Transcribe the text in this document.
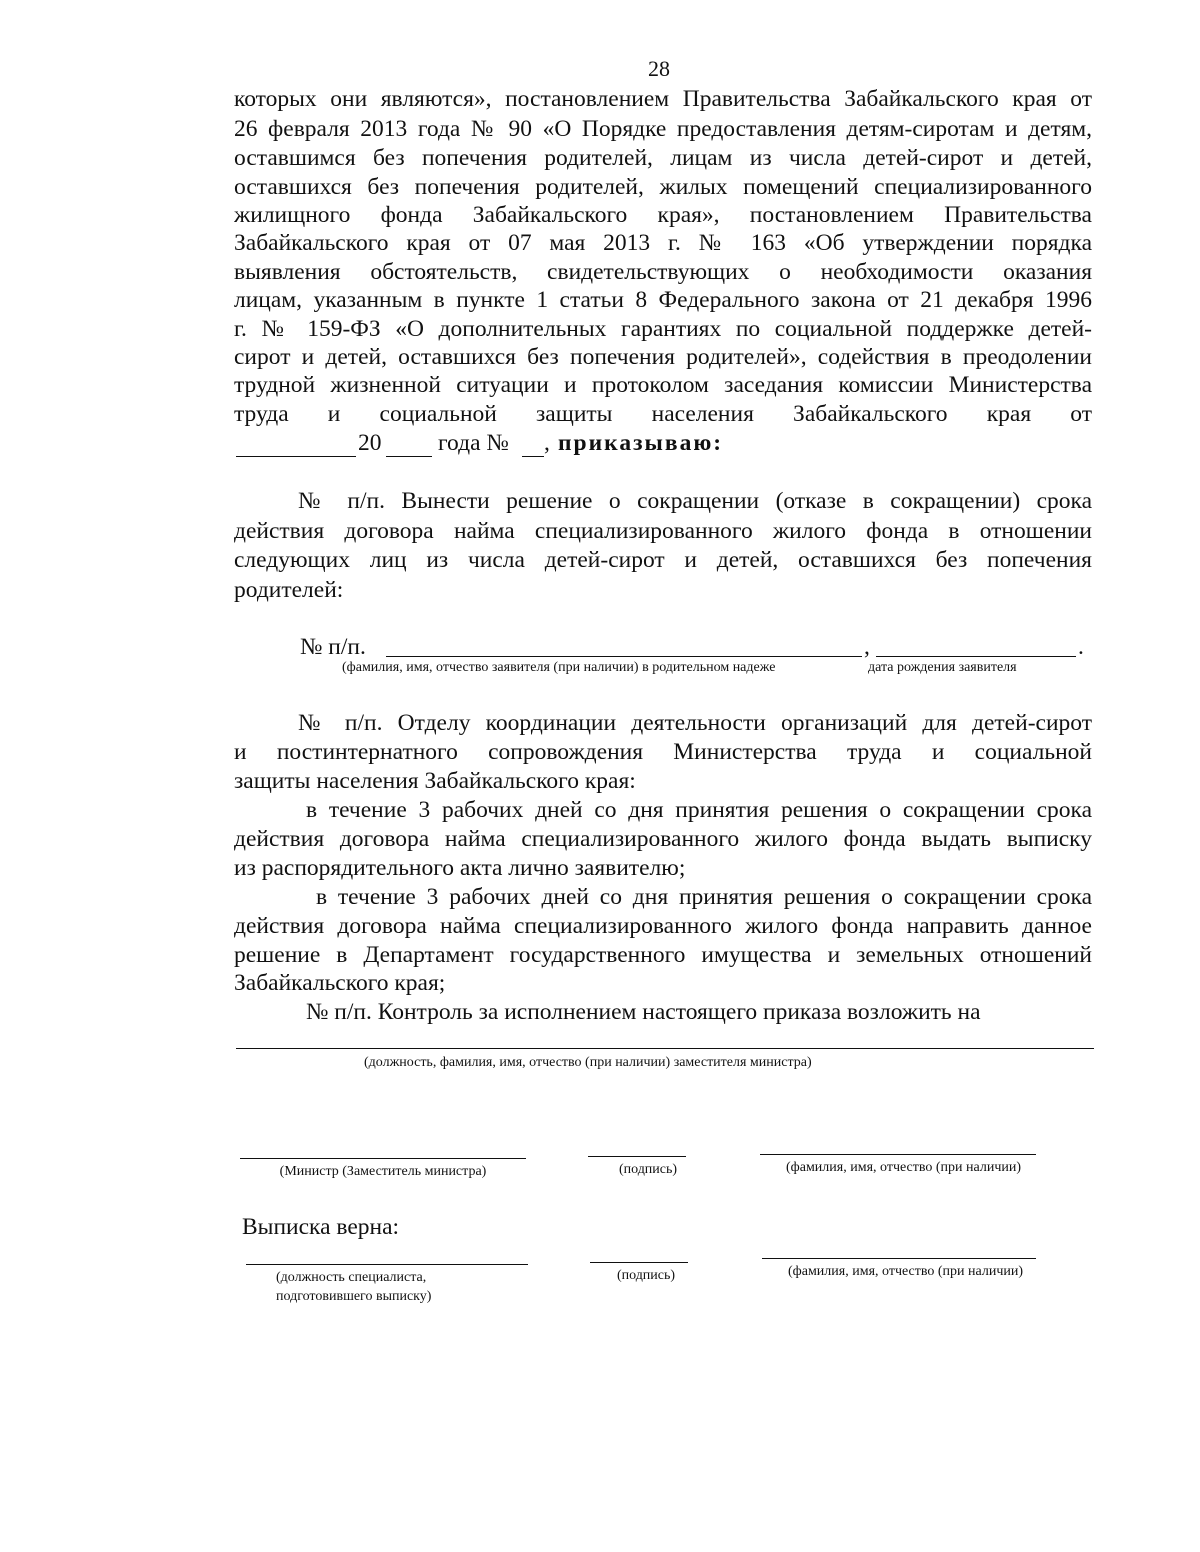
28
которых они являются», постановлением Правительства Забайкальского края от
26 февраля 2013 года № 90 «О Порядке предоставления детям-сиротам и детям,
оставшимся без попечения родителей, лицам из числа детей-сирот и детей,
оставшихся без попечения родителей, жилых помещений специализированного
жилищного фонда Забайкальского края», постановлением Правительства
Забайкальского края от 07 мая 2013 г. № 163 «Об утверждении порядка
выявления обстоятельств, свидетельствующих о необходимости оказания
лицам, указанным в пункте 1 статьи 8 Федерального закона от 21 декабря 1996
г. № 159-ФЗ «О дополнительных гарантиях по социальной поддержке детей-
сирот и детей, оставшихся без попечения родителей», содействия в преодолении
трудной жизненной ситуации и протоколом заседания комиссии Министерства
труда и социальной защиты населения Забайкальского края от
20 года № , приказываю:
№ п/п. Вынести решение о сокращении (отказе в сокращении) срока
действия договора найма специализированного жилого фонда в отношении
следующих лиц из числа детей-сирот и детей, оставшихся без попечения
родителей:
№ п/п.	,	.
(фамилия, имя, отчество заявителя (при наличии) в родительном надеже	дата рождения заявителя
№ п/п. Отделу координации деятельности организаций для детей-сирот
и постинтернатного сопровождения Министерства труда и социальной
защиты населения Забайкальского края:
в течение 3 рабочих дней со дня принятия решения о сокращении срока
действия договора найма специализированного жилого фонда выдать выписку
из распорядительного акта лично заявителю;
в течение 3 рабочих дней со дня принятия решения о сокращении срока
действия договора найма специализированного жилого фонда направить данное
решение в Департамент государственного имущества и земельных отношений
Забайкальского края;
№ п/п. Контроль за исполнением настоящего приказа возложить на
(должность, фамилия, имя, отчество (при наличии) заместителя министра)
(Министр (Заместитель министра)	(подпись)	(фамилия, имя, отчество (при наличии)
Выписка верна:
(должность специалиста,
подготовившего выписку)
(подпись)	(фамилия, имя, отчество (при наличии)
